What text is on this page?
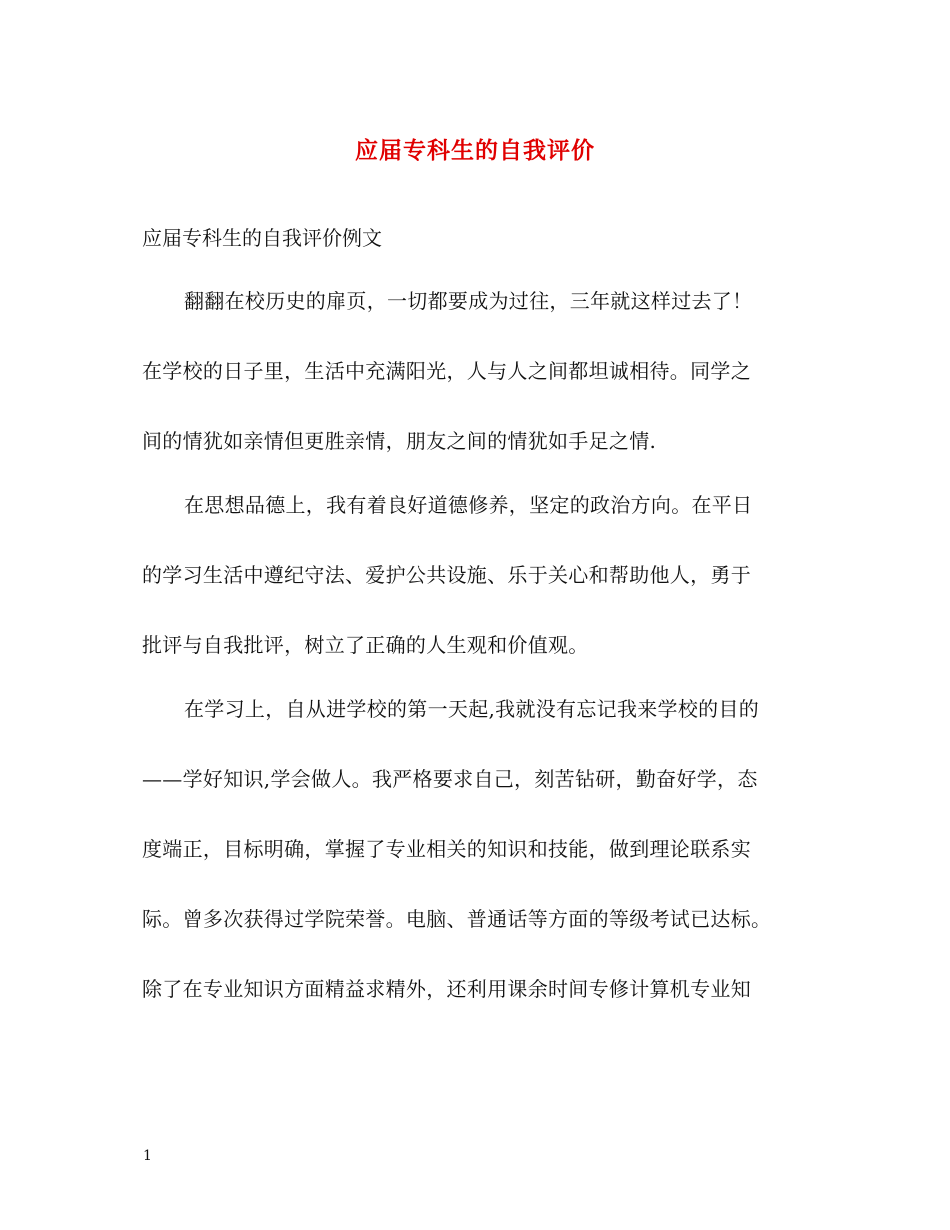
应届专科生的自我评价
应届专科生的自我评价例文
翻翻在校历史的扉页，一切都要成为过往，三年就这样过去了！
在学校的日子里，生活中充满阳光，人与人之间都坦诚相待。同学之
间的情犹如亲情但更胜亲情，朋友之间的情犹如手足之情.
在思想品德上，我有着良好道德修养，坚定的政治方向。在平日
的学习生活中遵纪守法、爱护公共设施、乐于关心和帮助他人，勇于
批评与自我批评，树立了正确的人生观和价值观。
在学习上，自从进学校的第一天起,我就没有忘记我来学校的目的
——学好知识,学会做人。我严格要求自己，刻苦钻研，勤奋好学，态
度端正，目标明确，掌握了专业相关的知识和技能，做到理论联系实
际。曾多次获得过学院荣誉。电脑、普通话等方面的等级考试已达标。
除了在专业知识方面精益求精外，还利用课余时间专修计算机专业知
1
